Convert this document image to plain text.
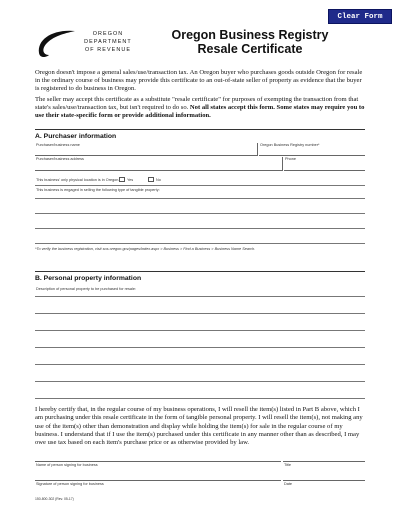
Clear Form
OREGON
DEPARTMENT
OF REVENUE
Oregon Business Registry
Resale Certificate
Oregon doesn't impose a general sales/use/transaction tax. An Oregon buyer who purchases goods outside Oregon for resale in the ordinary course of business may provide this certificate to an out-of-state seller of property as evidence that the buyer is registered to do business in Oregon.
The seller may accept this certificate as a substitute "resale certificate" for purposes of exempting the transaction from that state's sales/use/transaction tax, but isn't required to do so. Not all states accept this form. Some states may require you to use their state-specific form or provide additional information.
A. Purchaser information
Purchaser/business name	Oregon Business Registry number*
Purchaser/business address	Phone
This business' only physical location is in Oregon. Yes	No
This business is engaged in selling the following type of tangible property:
*To verify the business registration, visit sos.oregon.gov/pages/index.aspx > Business > Find a Business > Business Name Search.
B. Personal property information
Description of personal property to be purchased for resale:
I hereby certify that, in the regular course of my business operations, I will resell the item(s) listed in Part B above, which I am purchasing under this resale certificate in the form of tangible personal property. I will resell the item(s), not making any use of the item(s) other than demonstration and display while holding the item(s) for sale in the regular course of my business. I understand that if I use the item(s) purchased under this certificate in any manner other than as described, I may owe use tax based on each item's purchase price or as otherwise provided by law.
Name of person signing for business	Title
Signature of person signing for business	Date
150-800-302 (Rev. 05-17)
